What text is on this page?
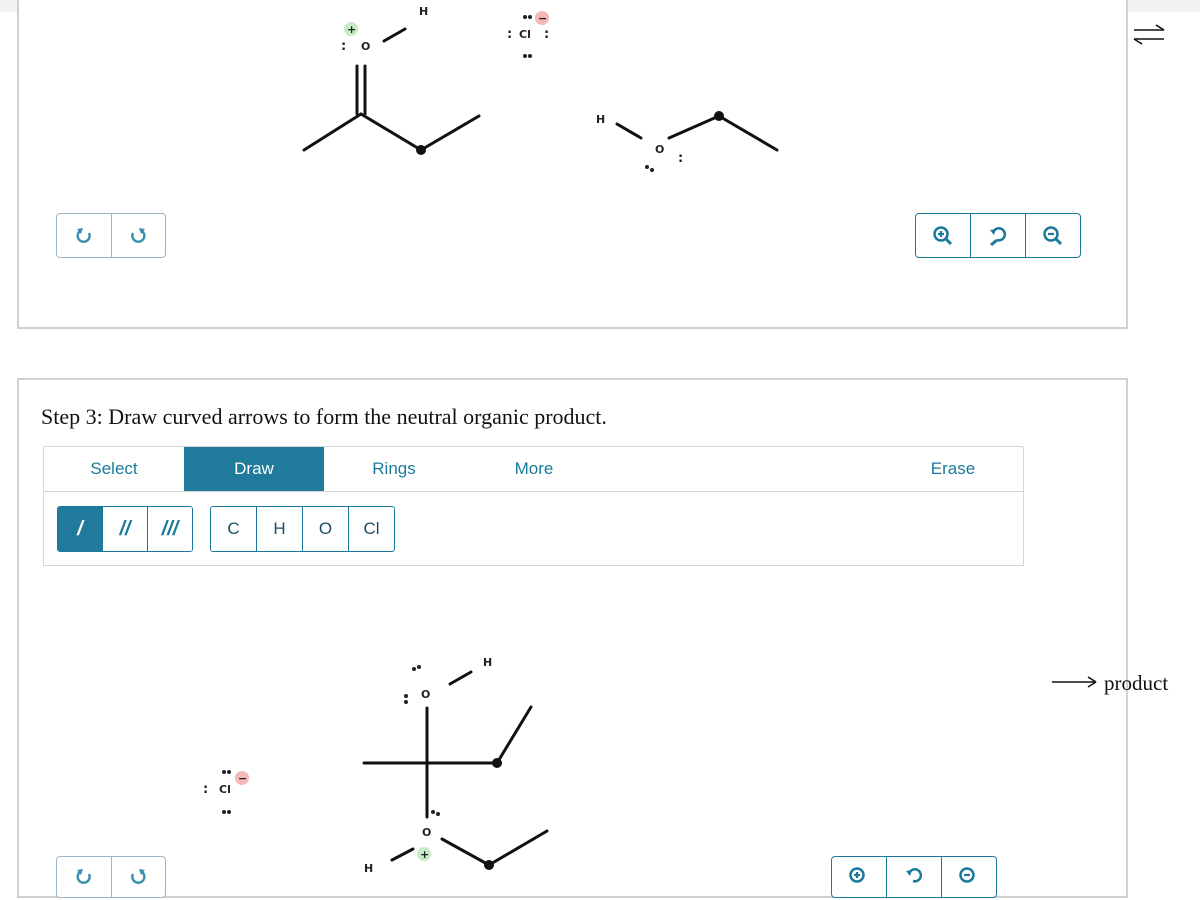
H
O
:
+	Cl
: :
−
H
O
:
Step 3: Draw curved arrows to form the neutral organic product.
Select	Draw	Rings	More	Erase
/	//	///	C	H	O	Cl
H
O
Cl
:
−
O
+
H
→ product
